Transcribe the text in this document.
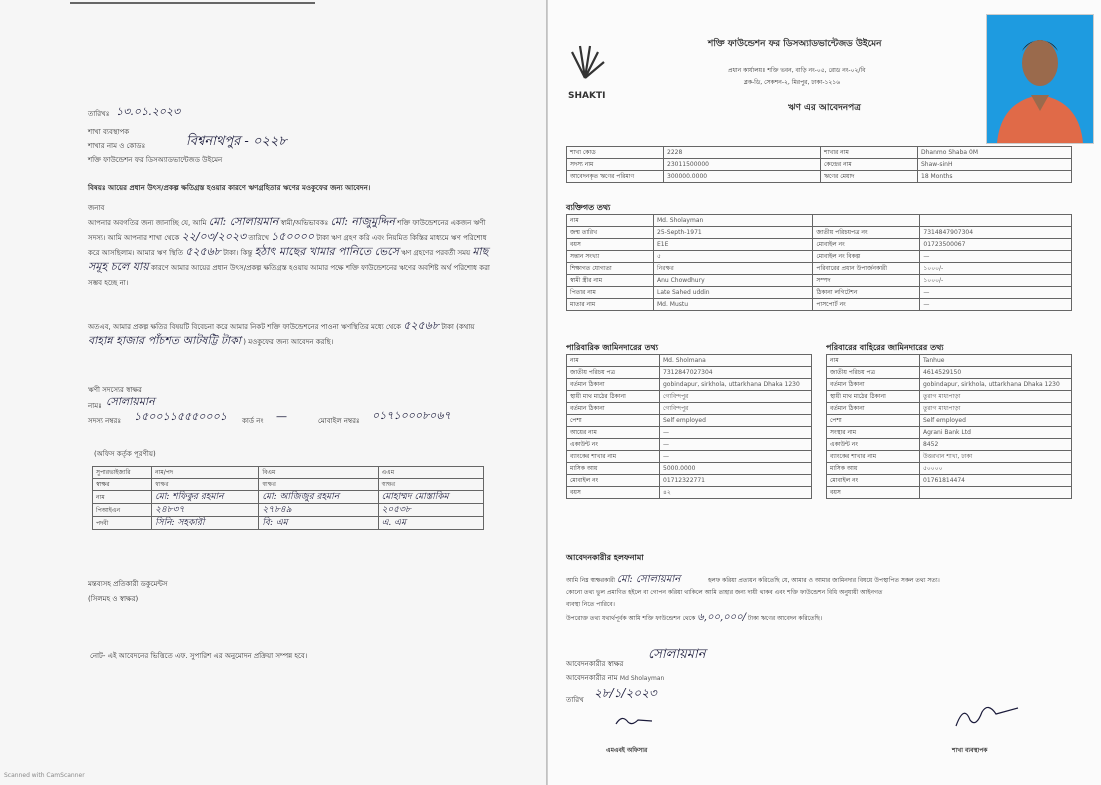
তারিখঃ ১৩.০১.২০২৩
শাখা ব্যবস্থাপক
শাখার নাম ও কোডঃ	বিশ্বনাথপুর - ০২২৮
শক্তি ফাউন্ডেশন ফর ডিসঅ্যাডভান্টেজড উইমেন
বিষয়ঃ আয়ের প্রধান উৎস/প্রকল্প ক্ষতিগ্রস্ত হওয়ার কারণে ঋণগ্রহিতার ঋণের মওকুফের জন্য আবেদন।
জনাব
আপনার অবগতির জন্য জানাচ্ছি যে, আমি মো: সোলায়মান স্বামী/অভিভাবকঃ মো: নাজুমুদ্দিন শক্তি ফাউন্ডেশনের একজন ঋণী সদস্য। আমি আপনার শাখা থেকে ২২/০৩/২০২৩ তারিখে ১৫০০০০ টাকা ঋণ গ্রহণ করি এবং নিয়মিত কিস্তির মাধ্যমে ঋণ পরিশোধ করে আসছিলাম। আমার ঋণ স্থিতি ৫২৫৬৮ টাকা। কিন্তু হঠাৎ মাছের খামার পানিতে ভেসে ঋণ গ্রহণের পরবর্তী সময় মাছ সমূহ চলে যায় কারণে আমার আয়ের প্রধান উৎস/প্রকল্প ক্ষতিগ্রস্ত হওয়ায় আমার পক্ষে শক্তি ফাউন্ডেশনের ঋণের অবশিষ্ট অর্থ পরিশোধ করা সম্ভব হচ্ছে না।
অতএব, আমার প্রকল্প ক্ষতির বিষয়টি বিবেচনা করে আমার নিকট শক্তি ফাউন্ডেশনের পাওনা ঋণস্থিতির মধ্যে থেকে ৫২৫৬৮ টাকা (কথায় বাহান্ন হাজার পাঁচশত আটষট্টি টাকা ) মওকুফের জন্য আবেদন করছি।
ঋণী সদস্যের স্বাক্ষর
নামঃ সোলায়মান
সদস্য নম্বরঃ ১৫০০১১৫৫৫০০০১ কার্ড নং —	মোবাইল নম্বরঃ ০১৭১০০০৮০৬৭
(অফিস কর্তৃক পূরণীয়)
সুপারভাইজারি	নাম/পদ	বিএম	এএম
স্বাক্ষর	স্বাক্ষর	স্বাক্ষর	স্বাক্ষর
নাম	মো: শফিকুর রহমান	মো: আজিজুর রহমান	মোহাম্মদ মোস্তাকিম
পিআইএন	২৪৮৩৭	২৭৮৪৯	২০৫৩৮
পদবী	সিনি: সহকারী	বি: এম	এ. এম
মন্তব্যসহ প্রতিকারী ডকুমেন্টস
(সিলমহ ও স্বাক্ষর)
নোট- এই আবেদনের ভিত্তিতে এফ. সুপারিশ এর অনুমোদন প্রক্রিয়া সম্পন্ন হবে।
SHAKTI
শক্তি ফাউন্ডেশন ফর ডিসঅ্যাডভান্টেজড উইমেন
প্রধান কার্যালয়ঃ শক্তি ভবন, বাড়ি নং-০৫, রোড নং-০২/বি
ব্লক-ডি, সেকশন-২, মিরপুর, ঢাকা-১২১৬
ঋণ এর আবেদনপত্র
শাখা কোড	2228	শাখার নাম	Dhanmo Shaba 0M
সদস্য নাম	23011500000	কেন্দ্রের নাম	Shaw-sinH
আবেদনকৃত ঋণের পরিমাণ	300000.0000	ঋণের মেয়াদ	18 Months
ব্যক্তিগত তথ্য
নাম	Md. Sholayman		
জন্ম তারিখ	25-Septh-1971	জাতীয় পরিচয়পত্র নং	7314847907304
বয়স	E1E	মোবাইল নং	01723500067
সন্তান সংখ্যা	৫	মোবাইল নং বিকল্প	—
শিক্ষাগত যোগ্যতা	নিরক্ষর	পরিবারের প্রধান উপার্জনকারী	১০০০/-
স্বামী স্ত্রীর নাম	Anu Chowdhury	সম্পদ	১০০০/-
পিতার নাম	Late Sahed uddin	ঠিকানা লগিটেশন	—
মাতার নাম	Md. Mustu	পাসপোর্ট নং	—
পারিবারিক জামিনদারের তথ্য
নাম	Md. Sholmana
জাতীয় পরিচয় পত্র	7312847027304
বর্তমান ঠিকানা	gobindapur, sirkhola, uttarkhana Dhaka 1230
স্থায়ী মাথ মাঠের ঠিকানা	গোবিন্দপুর
বর্তমান ঠিকানা	গোবিন্দপুর
পেশা	Self employed
আয়ের নাম	—
একাউন্ট নং	—
ব্যাংকের শাখার নাম	—
মাসিক আয়	5000.0000
মোবাইল নং	01712322771
বয়স	৪২
পরিবারের বাহিরের জামিনদারের তথ্য
নাম	Tanhue
জাতীয় পরিচয় পত্র	4614529150
বর্তমান ঠিকানা	gobindapur, sirkhola, uttarkhana Dhaka 1230
স্থায়ী মাথ মাঠের ঠিকানা	তুরাগ মাধ্যপাড়া
বর্তমান ঠিকানা	তুরাগ মাধ্যপাড়া
পেশা	Self employed
সংস্থার নাম	Agrani Bank Ltd
একাউন্ট নং	8452
ব্যাংকের শাখার নাম	উত্তরখান শাখা, ঢাকা
মাসিক আয়	৫০০০০
মোবাইল নং	01761814474
বয়স	
আবেদনকারীর হলফনামা
আমি নিম্ন স্বাক্ষরকারী মো: সোলায়মান	হলফ করিয়া প্রত্যয়ন করিতেছি যে, আমার ও আমার জামিনদার বিষয়ে উপস্থাপিত সকল তথ্য সত্য।
কোনো তথ্য ভুল প্রমাণিত হইলে বা গোপন করিয়া থাকিলে আমি তাহার জন্য দায়ী থাকব এবং শক্তি ফাউন্ডেশন বিধি অনুযায়ী আইনগত
ব্যবস্থা নিতে পারিবে।
উপরোক্ত তথ্য যথার্থপূর্বক আমি শক্তি ফাউন্ডেশন থেকে ৬,০০,০০০/ টাকা ঋণের আবেদন করিতেছি।
আবেদনকারীর স্বাক্ষর
সোলায়মান
আবেদনকারীর নাম Md Sholayman
তারিখ ২৮/১/২০২৩
এমএবই অফিসার	শাখা ব্যবস্থাপক
Scanned with CamScanner
